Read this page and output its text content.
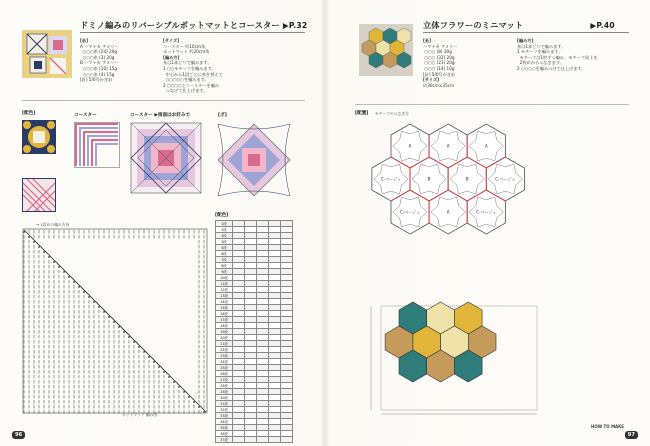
ドミノ編みのリバーシブルポットマットとコースター ▶P.32
[糸]
A ハマナカ アメリー
○○○糸 (24) 20g
○○○糸 (3) 20g
B ハマナカ アメリー
○○○糸 (10) 15g
○○○糸 (4) 15g
[針] 5/0号かぎ針
[サイズ]
コースター 約10cm角
ポットマット 約20cm角
[編み方]
糸は1本どりで編みます。
1 ○○モチーフを編みます。
中心から1段ごとに糸を替えて
○○○○○を編みます。
2 ○○○○とコースターを編み
つなげて仕上げます。
[配色]	コースター	コースター ▶両面はお好みで	[ポ]
→ 1段めの編み方向
ポットマット 編み図
[配色]
1段					
2段					
3段					
4段					
5段					
6段					
7段					
8段					
9段					
10段					
11段					
12段					
13段					
14段					
15段					
16段					
17段					
18段					
19段					
20段					
21段					
22段					
23段					
24段					
25段					
26段					
27段					
28段					
29段					
30段					
31段					
32段					
33段					
34段					
35段					
36段					
37段					
96
立体フラワーのミニマット	▶P.40
[糸]
ハマナカ アメリー
○○○ (8) 30g
○○○ (31) 20g
○○○ (21) 20g
○○○ (14) 10g
[針] 5/0号かぎ針
[サイズ]
約30cm×35cm
[編み方]
糸は1本どりで編みます。
1 モチーフを編みます。
モチーフは1枚ずつ編み、モチーフ同士を
2枚めからつなぎます。
2 ○○○○を編みつけて仕上げます。
[配置] モチーフのつなぎ方
A	A	A
C-ベージュ	B	B	C-ベージュ
C-ベージュ	A	C-ベージュ
97
HOW TO MAKE
